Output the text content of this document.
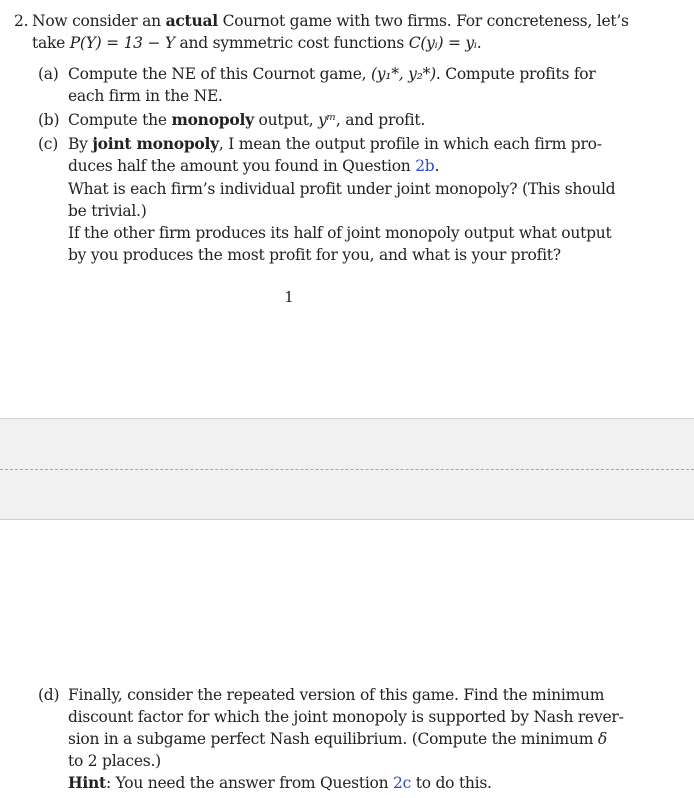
2. Now consider an actual Cournot game with two firms. For concreteness, let’s
take P(Y) = 13 − Y and symmetric cost functions C(yᵢ) = yᵢ.
(a) Compute the NE of this Cournot game, (y₁*, y₂*). Compute profits for
each firm in the NE.
(b) Compute the monopoly output, yᵐ, and profit.
(c) By joint monopoly, I mean the output profile in which each firm pro-
duces half the amount you found in Question 2b.
What is each firm’s individual profit under joint monopoly? (This should
be trivial.)
If the other firm produces its half of joint monopoly output what output
by you produces the most profit for you, and what is your profit?
1
(d) Finally, consider the repeated version of this game. Find the minimum
discount factor for which the joint monopoly is supported by Nash rever-
sion in a subgame perfect Nash equilibrium. (Compute the minimum δ
to 2 places.)
Hint: You need the answer from Question 2c to do this.
